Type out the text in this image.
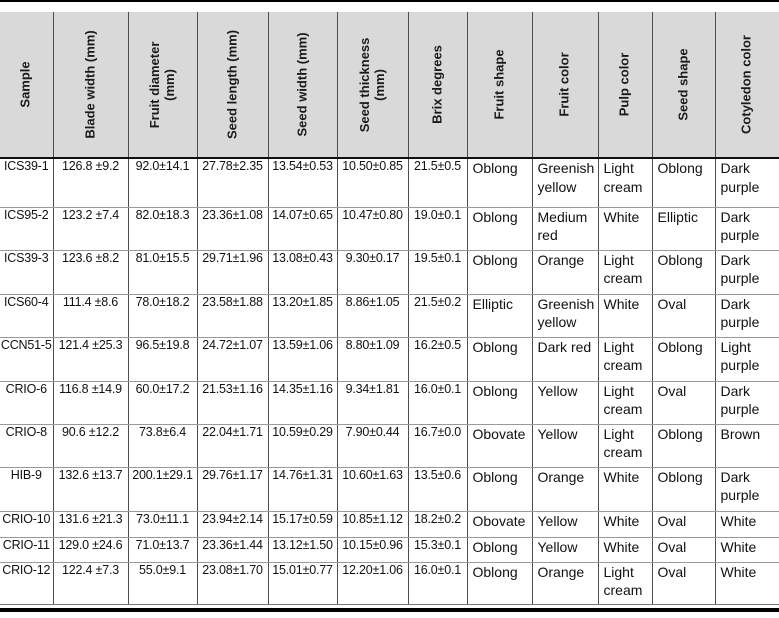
Sample	Blade width (mm)	Fruit diameter (mm)	Seed length (mm)	Seed width (mm)	Seed thickness (mm)	Brix degrees	Fruit shape	Fruit color	Pulp color	Seed shape	Cotyledon color

ICS39-1	126.8 ±9.2	92.0±14.1	27.78±2.35	13.54±0.53	10.50±0.85	21.5±0.5	Oblong	Greenish yellow	Light cream	Oblong	Dark purple
ICS95-2	123.2 ±7.4	82.0±18.3	23.36±1.08	14.07±0.65	10.47±0.80	19.0±0.1	Oblong	Medium red	White	Elliptic	Dark purple
ICS39-3	123.6 ±8.2	81.0±15.5	29.71±1.96	13.08±0.43	9.30±0.17	19.5±0.1	Oblong	Orange	Light cream	Oblong	Dark purple
ICS60-4	111.4 ±8.6	78.0±18.2	23.58±1.88	13.20±1.85	8.86±1.05	21.5±0.2	Elliptic	Greenish yellow	White	Oval	Dark purple
CCN51-5	121.4 ±25.3	96.5±19.8	24.72±1.07	13.59±1.06	8.80±1.09	16.2±0.5	Oblong	Dark red	Light cream	Oblong	Light purple
CRIO-6	116.8 ±14.9	60.0±17.2	21.53±1.16	14.35±1.16	9.34±1.81	16.0±0.1	Oblong	Yellow	Light cream	Oval	Dark purple
CRIO-8	90.6 ±12.2	73.8±6.4	22.04±1.71	10.59±0.29	7.90±0.44	16.7±0.0	Obovate	Yellow	Light cream	Oblong	Brown
HIB-9	132.6 ±13.7	200.1±29.1	29.76±1.17	14.76±1.31	10.60±1.63	13.5±0.6	Oblong	Orange	White	Oblong	Dark purple
CRIO-10	131.6 ±21.3	73.0±11.1	23.94±2.14	15.17±0.59	10.85±1.12	18.2±0.2	Obovate	Yellow	White	Oval	White
CRIO-11	129.0 ±24.6	71.0±13.7	23.36±1.44	13.12±1.50	10.15±0.96	15.3±0.1	Oblong	Yellow	White	Oval	White
CRIO-12	122.4 ±7.3	55.0±9.1	23.08±1.70	15.01±0.77	12.20±1.06	16.0±0.1	Oblong	Orange	Light cream	Oval	White
